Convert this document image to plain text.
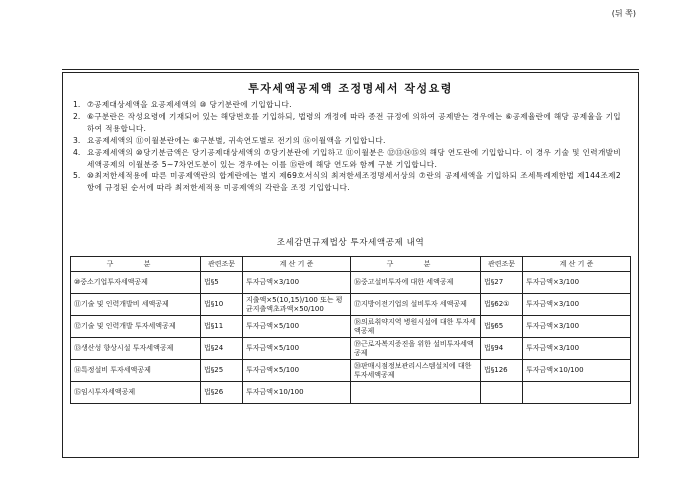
(뒤 쪽)
투자세액공제액 조정명세서 작성요령
1. ⑦공제대상세액을 요공제세액의 ⑩ 당기분란에 기입합니다.
2. ⑥구분란은 작성요령에 기재되어 있는 해당번호를 기입하되, 법령의 개정에 따라 종전 규정에 의하여 공제받는 경우에는 ⑥공제율란에 해당 공제율을 기입하여 적용합니다.
3. 요공제세액의 ⑪이월분란에는 ⑥구분별, 귀속연도별로 전기의 ⑯이월액을 기입합니다.
4. 요공제세액의 ⑩당기분금액은 당기공제대상세액의 ⑦당기분란에 기입하고 ⑪이월분은 ⑫⑬⑭⑮의 해당 연도란에 기입합니다. 이 경우 기술 및 인력개발비세액공제의 이월분중 5~7차연도분이 있는 경우에는 이를 ⑮란에 해당 연도와 함께 구분 기입합니다.
5. ⑩최저한세적용에 따른 미공제액란의 합계란에는 별지 제69호서식의 최저한세조정명세서상의 ⑦란의 공제세액을 기입하되 조세특례제한법 제144조제2항에 규정된 순서에 따라 최저한세적용 미공제액의 각란을 조정 기입합니다.
조세감면규제법상 투자세액공제 내역
구 분	관련조문	계 산 기 준	구 분	관련조문	계 산 기 준
⑩중소기업투자세액공제	법§5	투자금액×3/100	⑯중고설비투자에 대한 세액공제	법§27	투자금액×3/100
⑪기술 및 인력개발비 세액공제	법§10	지출액×5(10,15)/100 또는 평균지출액초과액×50/100	⑰지방이전기업의 설비투자 세액공제	법§62①	투자금액×3/100
⑫기술 및 인력개발 투자세액공제	법§11	투자금액×5/100	⑱의료취약지역 병원시설에 대한 투자세액공제	법§65	투자금액×3/100
⑬생산성 향상시설 투자세액공제	법§24	투자금액×5/100	⑲근로자복지증진을 위한 설비투자세액공제	법§94	투자금액×3/100
⑭특정설비 투자세액공제	법§25	투자금액×5/100	⑳판매시점정보관리시스템설치에 대한 투자세액공제	법§126	투자금액×10/100
⑮임시투자세액공제	법§26	투자금액×10/100			
